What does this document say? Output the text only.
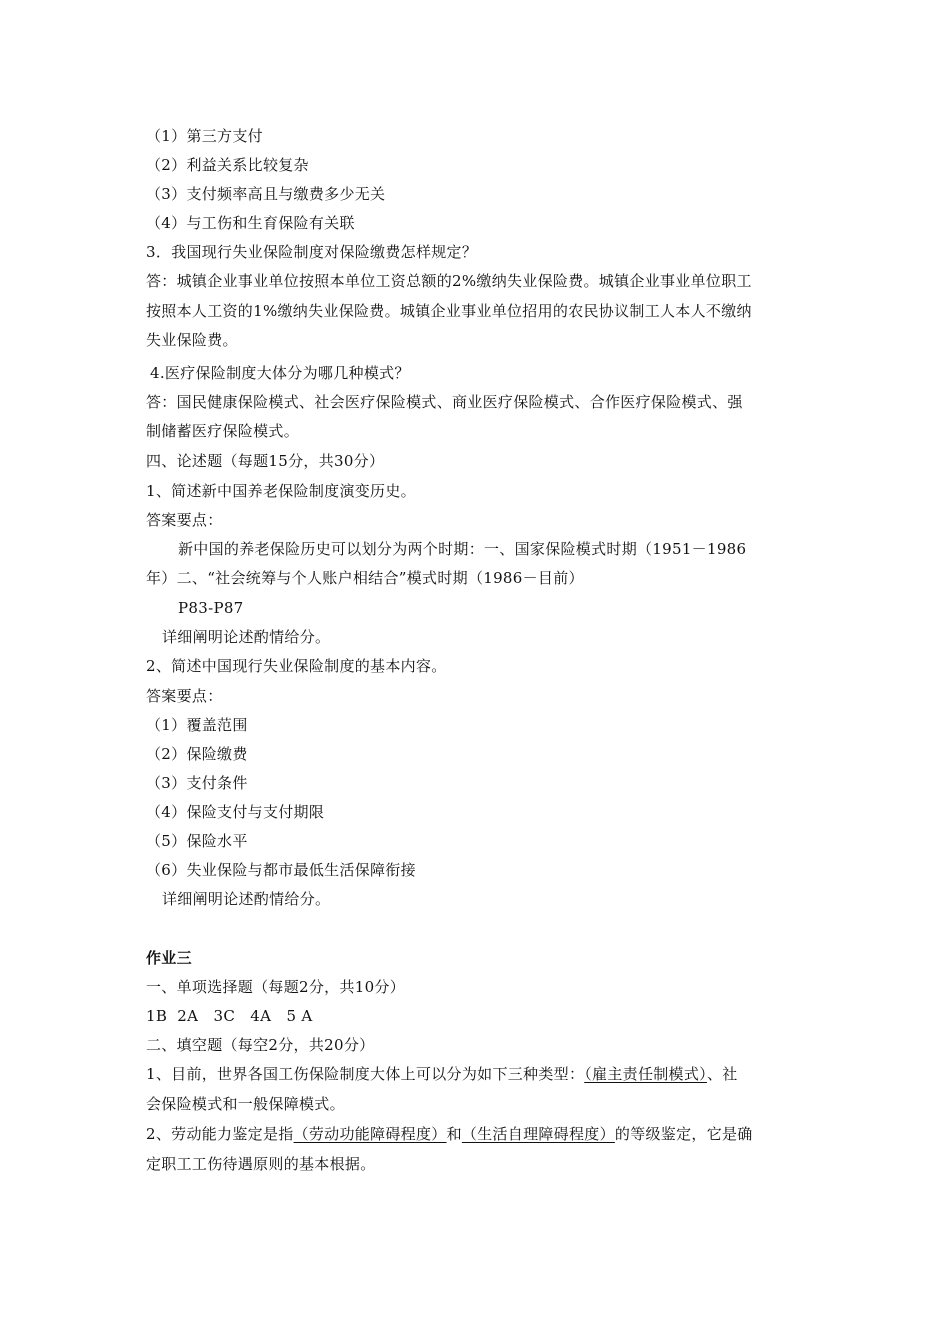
（1）第三方支付
（2）利益关系比较复杂
（3）支付频率高且与缴费多少无关
（4）与工伤和生育保险有关联
3．我国现行失业保险制度对保险缴费怎样规定？
答：城镇企业事业单位按照本单位工资总额的2%缴纳失业保险费。城镇企业事业单位职工
按照本人工资的1%缴纳失业保险费。城镇企业事业单位招用的农民协议制工人本人不缴纳
失业保险费。
4.医疗保险制度大体分为哪几种模式？
答：国民健康保险模式、社会医疗保险模式、商业医疗保险模式、合作医疗保险模式、强
制储蓄医疗保险模式。
四、论述题（每题15分，共30分）
1、简述新中国养老保险制度演变历史。
答案要点：
新中国的养老保险历史可以划分为两个时期：一、国家保险模式时期（1951－1986
年）二、“社会统筹与个人账户相结合”模式时期（1986－目前）
P83-P87
详细阐明论述酌情给分。
2、简述中国现行失业保险制度的基本内容。
答案要点：
（1）覆盖范围
（2）保险缴费
（3）支付条件
（4）保险支付与支付期限
（5）保险水平
（6）失业保险与都市最低生活保障衔接
详细阐明论述酌情给分。
作业三
一、单项选择题（每题2分，共10分）
1B  2A   3C   4A   5 A
二、填空题（每空2分，共20分）
1、目前，世界各国工伤保险制度大体上可以分为如下三种类型：（雇主责任制模式）、社
会保险模式和一般保障模式。
2、劳动能力鉴定是指（劳动功能障碍程度）和（生活自理障碍程度）的等级鉴定，它是确
定职工工伤待遇原则的基本根据。
